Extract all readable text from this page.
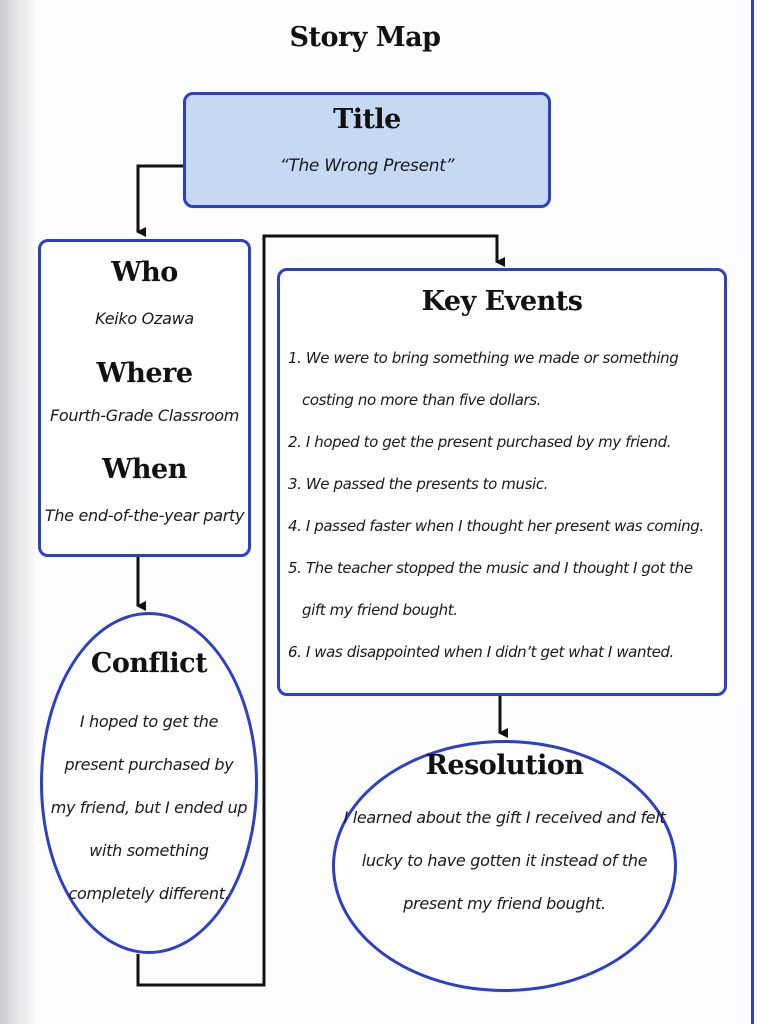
Story Map
Title
“The Wrong Present”
Who
Keiko Ozawa
Where
Fourth-Grade Classroom
When
The end-of-the-year party
Key Events
1. We were to bring something we made or something
costing no more than five dollars.
2. I hoped to get the present purchased by my friend.
3. We passed the presents to music.
4. I passed faster when I thought her present was coming.
5. The teacher stopped the music and I thought I got the
gift my friend bought.
6. I was disappointed when I didn’t get what I wanted.
Conflict
I hoped to get the present purchased by my friend, but I ended up with something completely different.
Resolution
I learned about the gift I received and felt lucky to have gotten it instead of the present my friend bought.
